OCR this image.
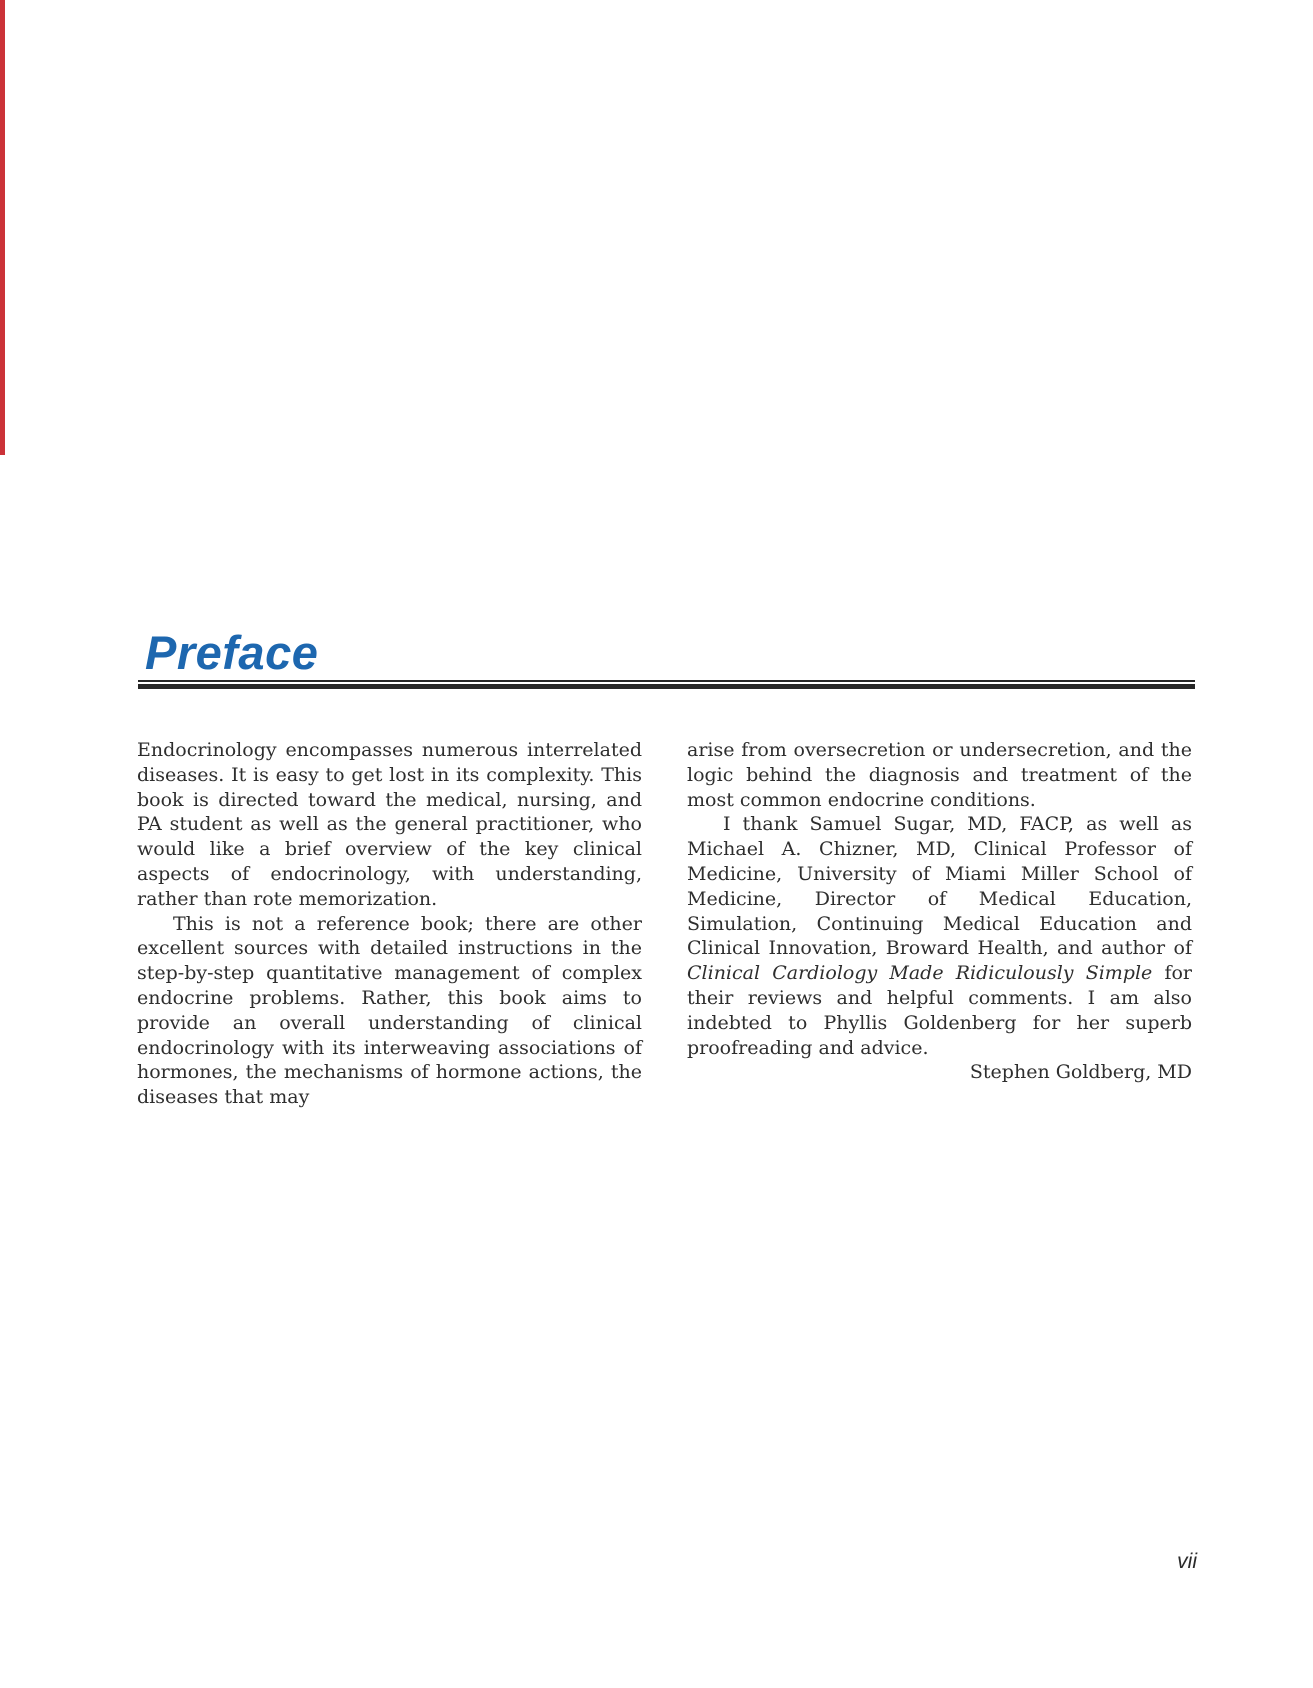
Preface

Endocrinology encompasses numerous interrelated diseases. It is easy to get lost in its complexity. This book is directed toward the medical, nursing, and PA student as well as the general practitioner, who would like a brief overview of the key clinical aspects of endocrinology, with understanding, rather than rote memorization.

This is not a reference book; there are other excellent sources with detailed instructions in the step-by-step quantitative management of complex endocrine problems. Rather, this book aims to provide an overall understanding of clinical endocrinology with its interweaving associations of hormones, the mechanisms of hormone actions, the diseases that may

arise from oversecretion or undersecretion, and the logic behind the diagnosis and treatment of the most common endocrine conditions.

I thank Samuel Sugar, MD, FACP, as well as Michael A. Chizner, MD, Clinical Professor of Medicine, University of Miami Miller School of Medicine, Director of Medical Education, Simulation, Continuing Medical Education and Clinical Innovation, Broward Health, and author of Clinical Cardiology Made Ridiculously Simple for their reviews and helpful comments. I am also indebted to Phyllis Goldenberg for her superb proofreading and advice.

Stephen Goldberg, MD

vii
